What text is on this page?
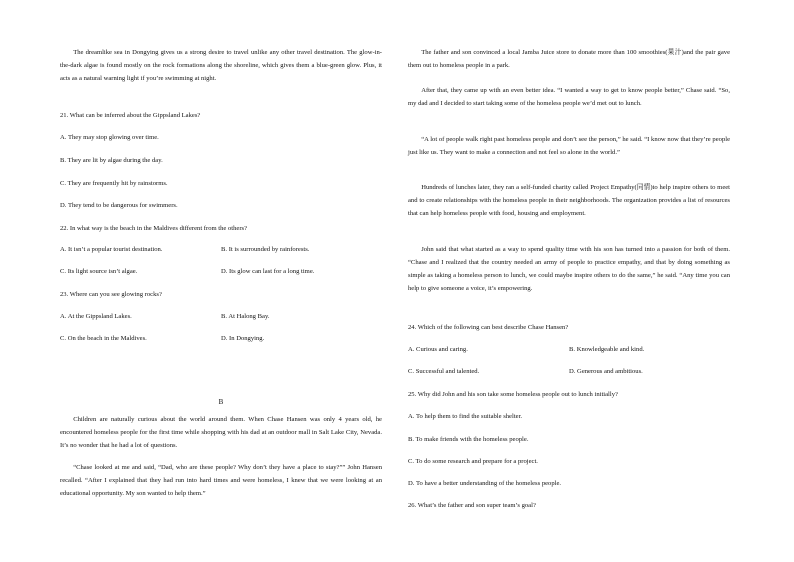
The dreamlike sea in Dongying gives us a strong desire to travel unlike any other travel destination. The glow-in-the-dark algae is found mostly on the rock formations along the shoreline, which gives them a blue-green glow. Plus, it acts as a natural warning light if you’re swimming at night.

21. What can be inferred about the Gippsland Lakes?
A. They may stop glowing over time.
B. They are lit by algae during the day.
C. They are frequently hit by rainstorms.
D. They tend to be dangerous for swimmers.
22. In what way is the beach in the Maldives different from the others?
A. It isn’t a popular tourist destination.	B. It is surrounded by rainforests.
C. Its light source isn’t algae.	D. Its glow can last for a long time.
23. Where can you see glowing rocks?
A. At the Gippsland Lakes.	B. At Halong Bay.
C. On the beach in the Maldives.	D. In Dongying.
B

Children are naturally curious about the world around them. When Chase Hansen was only 4 years old, he encountered homeless people for the first time while shopping with his dad at an outdoor mall in Salt Lake City, Nevada. It’s no wonder that he had a lot of questions.

“Chase looked at me and said, “Dad, who are these people? Why don’t they have a place to stay?”” John Hansen recalled. “After I explained that they had run into hard times and were homeless, I knew that we were looking at an educational opportunity. My son wanted to help them.”

The father and son convinced a local Jamba Juice store to donate more than 100 smoothies(果汁)and the pair gave them out to homeless people in a park.

After that, they came up with an even better idea. “I wanted a way to get to know people better,” Chase said. “So, my dad and I decided to start taking some of the homeless people we’d met out to lunch.

“A lot of people walk right past homeless people and don’t see the person,” he said. “I know now that they’re people just like us. They want to make a connection and not feel so alone in the world.”

Hundreds of lunches later, they ran a self-funded charity called Project Empathy(同情)to help inspire others to meet and to create relationships with the homeless people in their neighborhoods. The organization provides a list of resources that can help homeless people with food, housing and employment.

John said that what started as a way to spend quality time with his son has turned into a passion for both of them. “Chase and I realized that the country needed an army of people to practice empathy, and that by doing something as simple as taking a homeless person to lunch, we could maybe inspire others to do the same,” he said. “Any time you can help to give someone a voice, it’s empowering.

24. Which of the following can best describe Chase Hansen?
A. Curious and caring.	B. Knowledgeable and kind.
C. Successful and talented.	D. Generous and ambitious.
25. Why did John and his son take some homeless people out to lunch initially?
A. To help them to find the suitable shelter.
B. To make friends with the homeless people.
C. To do some research and prepare for a project.
D. To have a better understanding of the homeless people.
26. What’s the father and son super team’s goal?
